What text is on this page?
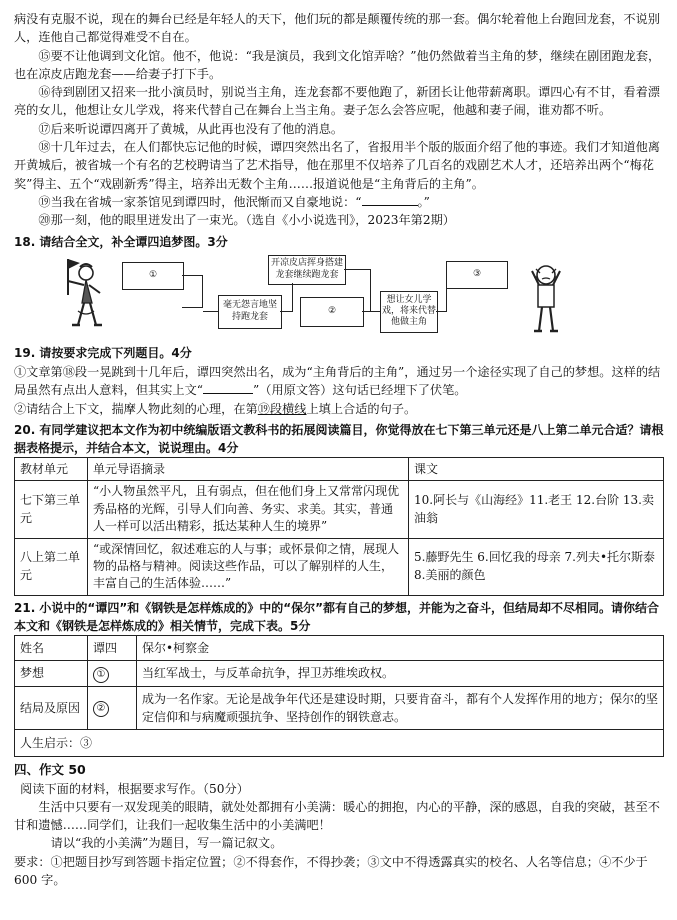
病没有克服不说，现在的舞台已经是年轻人的天下，他们玩的都是颠覆传统的那一套。偶尔轮着他上台跑回龙套，不说别人，连他自己都觉得难受不自在。

⑮要不让他调到文化馆。他不，他说：“我是演员，我到文化馆弄啥？”他仍然做着当主角的梦，继续在剧团跑龙套，也在凉皮店跑龙套——给妻子打下手。

⑯待到剧团又招来一批小演员时，别说当主角，连龙套都不要他跑了，新团长让他带薪离职。谭四心有不甘，看着漂亮的女儿，他想让女儿学戏，将来代替自己在舞台上当主角。妻子怎么会答应呢，他越和妻子闹，谁劝都不听。

⑰后来听说谭四离开了黄城，从此再也没有了他的消息。

⑱十几年过去，在人们都快忘记他的时候，谭四突然出名了，省报用半个版的版面介绍了他的事迹。我们才知道他离开黄城后，被省城一个有名的艺校聘请当了艺术指导，他在那里不仅培养了几百名的戏剧艺术人才，还培养出两个“梅花奖”得主、五个“戏剧新秀”得主，培养出无数个主角……报道说他是“主角背后的主角”。

⑲当我在省城一家茶馆见到谭四时，他泯惭而又自豪地说：“	。”

⑳那一刻，他的眼里迸发出了一束光。（选自《小小说选刊》，2023年第2期）

18. 请结合全文，补全谭四追梦图。3分

①
毫无怨言地坚持跑龙套
开凉皮店挥身搭建龙套继续跑龙套
②
想让女儿学戏，将来代替他做主角
③

19. 请按要求完成下列题目。4分

①文章第⑱段一晃跳到十几年后，谭四突然出名，成为“主角背后的主角”，通过另一个途径实现了自己的梦想。这样的结局虽然有点出人意料，但其实上文“	”（用原文答）这句话已经埋下了伏笔。

②请结合上下文，揣摩人物此刻的心理，在第⑲段横线上填上合适的句子。

20. 有同学建议把本文作为初中统编版语文教科书的拓展阅读篇目，你觉得放在七下第三单元还是八上第二单元合适？请根据表格提示，并结合本文，说说理由。4分

教材单元	单元导语摘录	课文
七下第三单元	“小人物虽然平凡，且有弱点，但在他们身上又常常闪现优秀品格的光辉，引导人们向善、务实、求美。其实，普通人一样可以活出精彩，抵达某种人生的境界”	10.阿长与《山海经》11.老王 12.台阶 13.卖油翁
八上第二单元	“或深情回忆，叙述难忘的人与事；或怀景仰之情，展现人物的品格与精神。阅读这些作品，可以了解别样的人生，丰富自己的生活体验……”	5.藤野先生 6.回忆我的母亲 7.列夫•托尔斯泰 8.美丽的颜色

21. 小说中的“谭四”和《钢铁是怎样炼成的》中的“保尔”都有自己的梦想，并能为之奋斗，但结局却不尽相同。请你结合本文和《钢铁是怎样炼成的》相关情节，完成下表。5分

姓名	谭四	保尔•柯察金
梦想	①	当红军战士，与反革命抗争，捍卫苏维埃政权。
结局及原因	②	成为一名作家。无论是战争年代还是建设时期，只要肯奋斗，都有个人发挥作用的地方；保尔的坚定信仰和与病魔顽强抗争、坚持创作的钢铁意志。
人生启示：③		

四、作文 50

阅读下面的材料，根据要求写作。（50分）

生活中只要有一双发现美的眼睛，就处处都拥有小美满：暖心的拥抱，内心的平静，深的感恩，自我的突破，甚至不甘和遗憾……同学们，让我们一起收集生活中的小美满吧！

请以“我的小美满”为题目，写一篇记叙文。

要求：①把题目抄写到答题卡指定位置；②不得套作，不得抄袭；③文中不得透露真实的校名、人名等信息；④不少于 600 字。
